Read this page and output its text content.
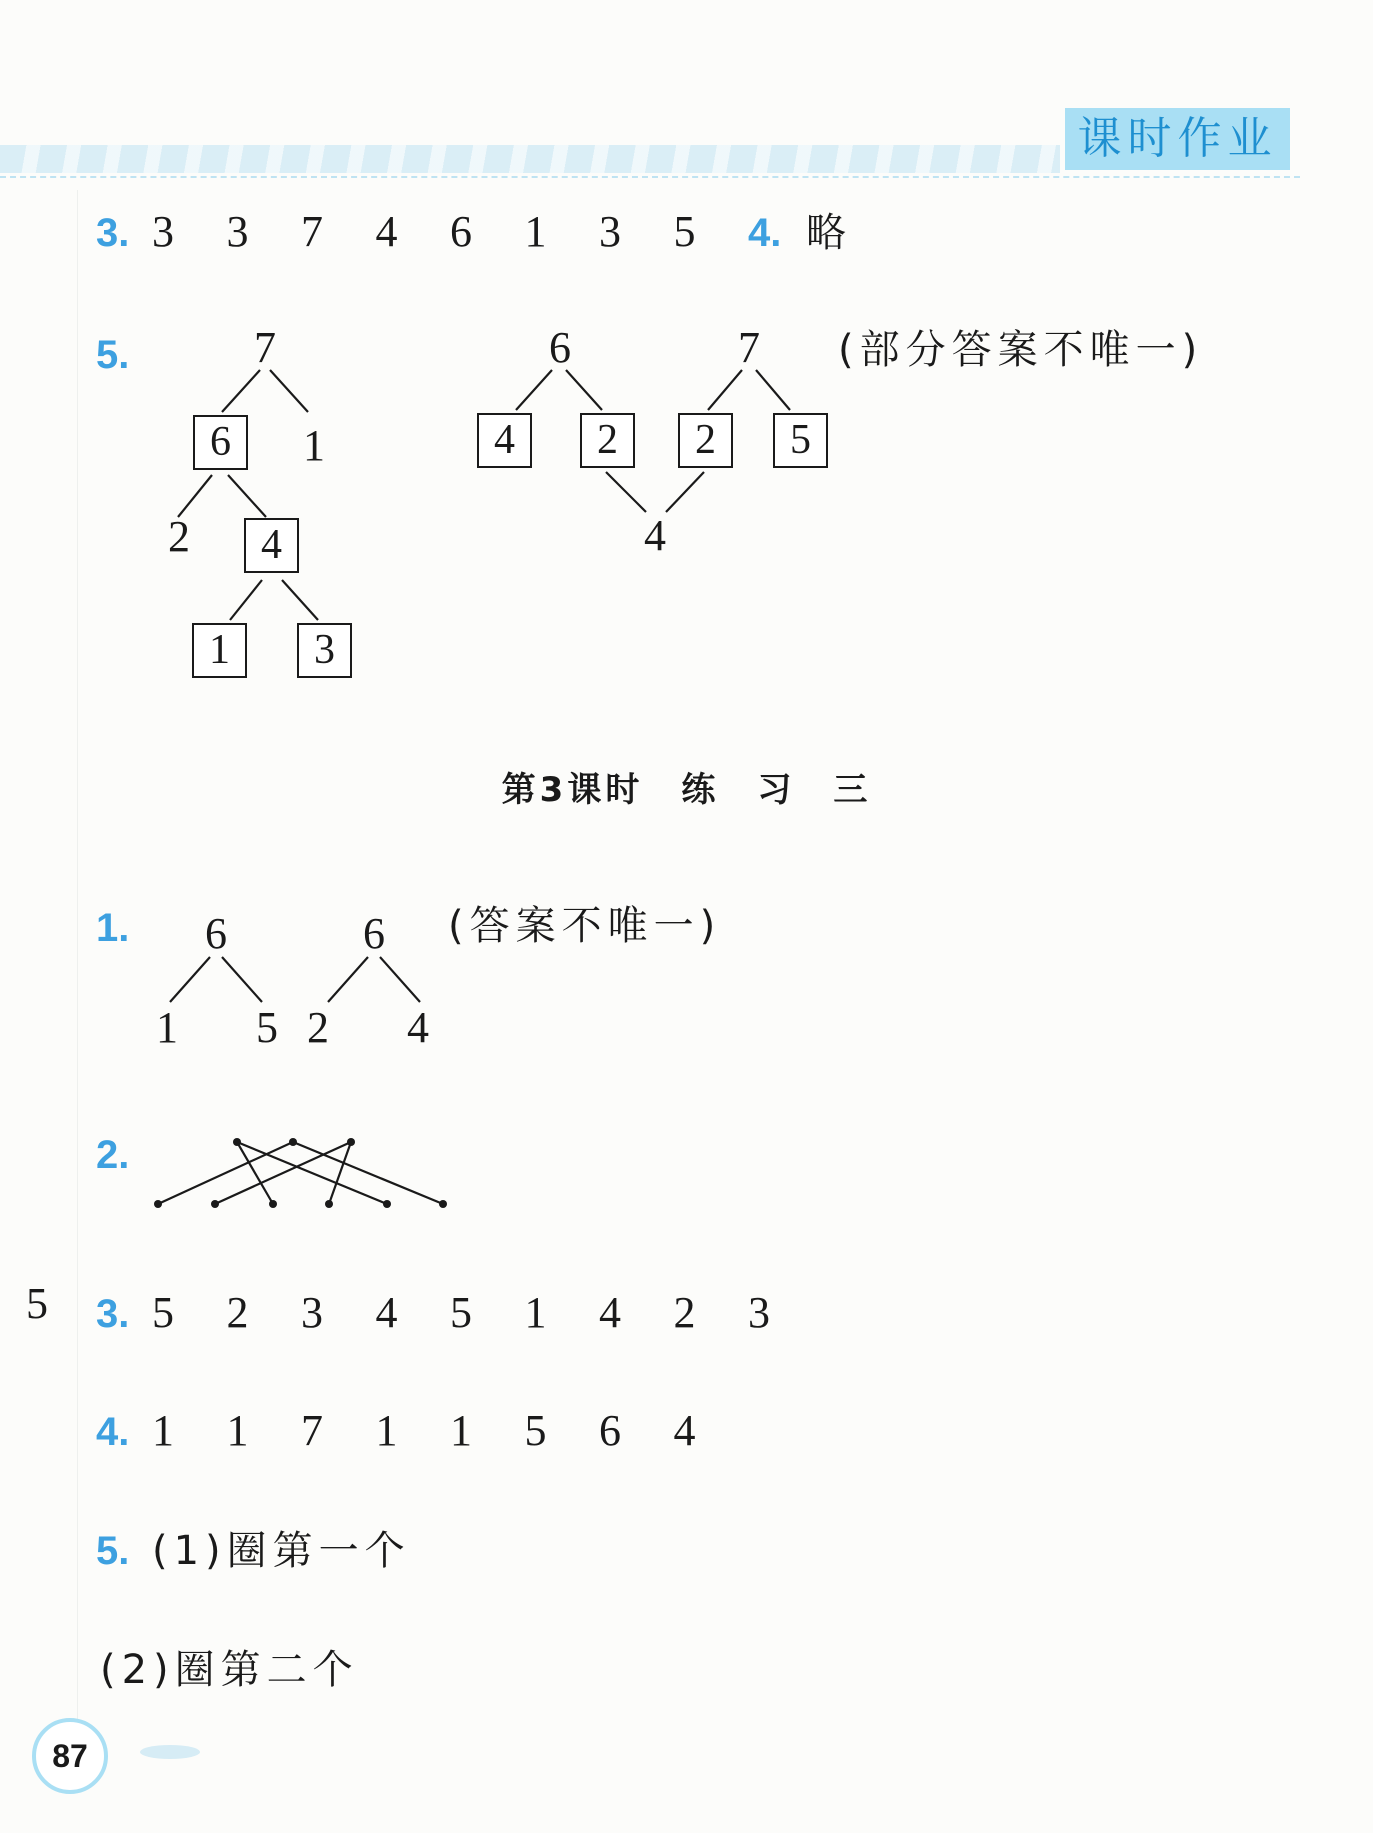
课时作业
3. 3 3 7 4 6 1 3 5 4. 略
5.	(部分答案不唯一)
7
6	1
2	4
1	3
6	7
4	2	2	5
4
第3课时　练　习　三
1.	(答案不唯一)
6
1 5
6
2 4
2.
5 3. 5 2 3 4 5 1 4 2 3
4. 1 1 7 1 1 5 6 4
5. (1)圈第一个
(2)圈第二个
87
